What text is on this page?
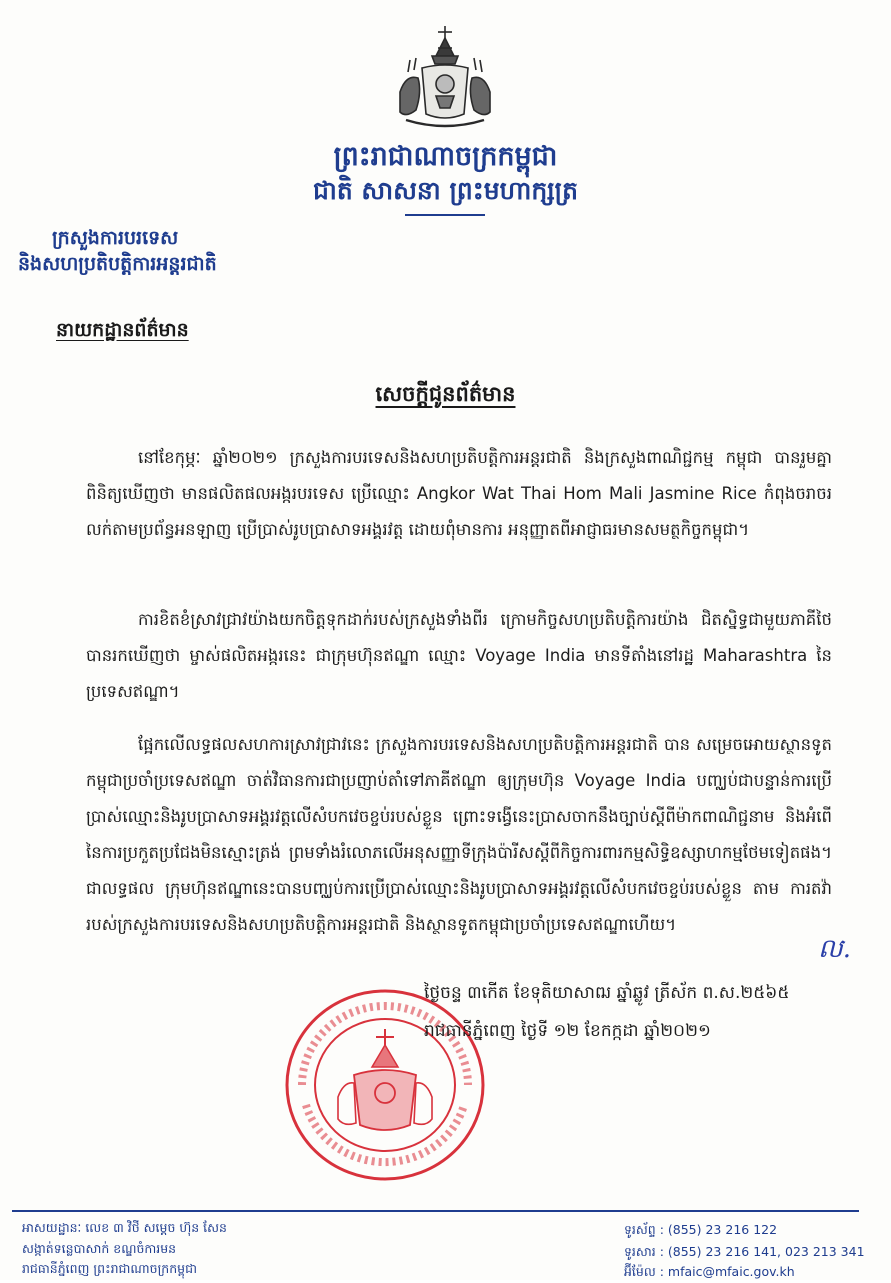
ព្រះរាជាណាចក្រកម្ពុជា
ជាតិ សាសនា ព្រះមហាក្សត្រ
ក្រសួងការបរទេស
និងសហប្រតិបត្តិការអន្តរជាតិ
នាយកដ្ឋានព័ត៌មាន
សេចក្តីជូនព័ត៌មាន

នៅខែកុម្ភៈ ឆ្នាំ២០២១ ក្រសួងការបរទេសនិងសហប្រតិបត្តិការអន្តរជាតិ និងក្រសួងពាណិជ្ជកម្ម កម្ពុជា បានរួមគ្នាពិនិត្យឃើញថា មានផលិតផលអង្ករបរទេស ប្រើឈ្មោះ Angkor Wat Thai Hom Mali Jasmine Rice កំពុងចរាចរលក់តាមប្រព័ន្ធអនឡាញ ប្រើប្រាស់រូបប្រាសាទអង្គរវត្ត ដោយពុំមានការ អនុញ្ញាតពីអាជ្ញាធរមានសមត្ថកិច្ចកម្ពុជា។

ការខិតខំស្រាវជ្រាវយ៉ាងយកចិត្តទុកដាក់របស់ក្រសួងទាំងពីរ ក្រោមកិច្ចសហប្រតិបត្តិការយ៉ាង ជិតស្និទ្ធជាមួយភាគីថៃ បានរកឃើញថា ម្ចាស់ផលិតអង្ករនេះ ជាក្រុមហ៊ុនឥណ្ឌា ឈ្មោះ Voyage India មានទីតាំងនៅរដ្ឋ Maharashtra នៃប្រទេសឥណ្ឌា។

ផ្អែកលើលទ្ធផលសហការស្រាវជ្រាវនេះ ក្រសួងការបរទេសនិងសហប្រតិបត្តិការអន្តរជាតិ បាន សម្រេចអោយស្ថានទូតកម្ពុជាប្រចាំប្រទេសឥណ្ឌា ចាត់វិធានការជាប្រញាប់តាំទៅភាគីឥណ្ឌា ឲ្យក្រុមហ៊ុន Voyage India បញ្ឈប់ជាបន្ទាន់ការប្រើប្រាស់ឈ្មោះនិងរូបប្រាសាទអង្គរវត្តលើសំបកវេចខ្ចប់របស់ខ្លួន ព្រោះទង្វើនេះប្រាសចាកនឹងច្បាប់ស្តីពីម៉ាកពាណិជ្ជនាម និងអំពើនៃការប្រកួតប្រជែងមិនស្មោះត្រង់ ព្រមទាំងរំលោភលើអនុសញ្ញាទីក្រុងប៉ារីសស្តីពីកិច្ចការពារកម្មសិទ្ធិឧស្សាហកម្មថែមទៀតផង។ ជាលទ្ធផល ក្រុមហ៊ុនឥណ្ឌានេះបានបញ្ឈប់ការប្រើប្រាស់ឈ្មោះនិងរូបប្រាសាទអង្គរវត្តលើសំបកវេចខ្ចប់របស់ខ្លួន តាម ការតវ៉ារបស់ក្រសួងការបរទេសនិងសហប្រតិបត្តិការអន្តរជាតិ និងស្ថានទូតកម្ពុជាប្រចាំប្រទេសឥណ្ឌាហើយ។

ល.
ថ្ងៃចន្ទ ៣កើត ខែទុតិយាសាឍ ឆ្នាំឆ្លូវ ត្រីស័ក ព.ស.២៥៦៥
រាជធានីភ្នំពេញ ថ្ងៃទី ១២ ខែកក្កដា ឆ្នាំ២០២១
អាសយដ្ឋានៈ លេខ ៣ វិថី សម្តេច ហ៊ុន សែន
សង្កាត់ទន្លេបាសាក់ ខណ្ឌចំការមន
រាជធានីភ្នំពេញ ព្រះរាជាណាចក្រកម្ពុជា
ទូរស័ព្ទ : (855) 23 216 122
ទូរសារ : (855) 23 216 141, 023 213 341
អ៊ីម៉ែល : mfaic@mfaic.gov.kh
